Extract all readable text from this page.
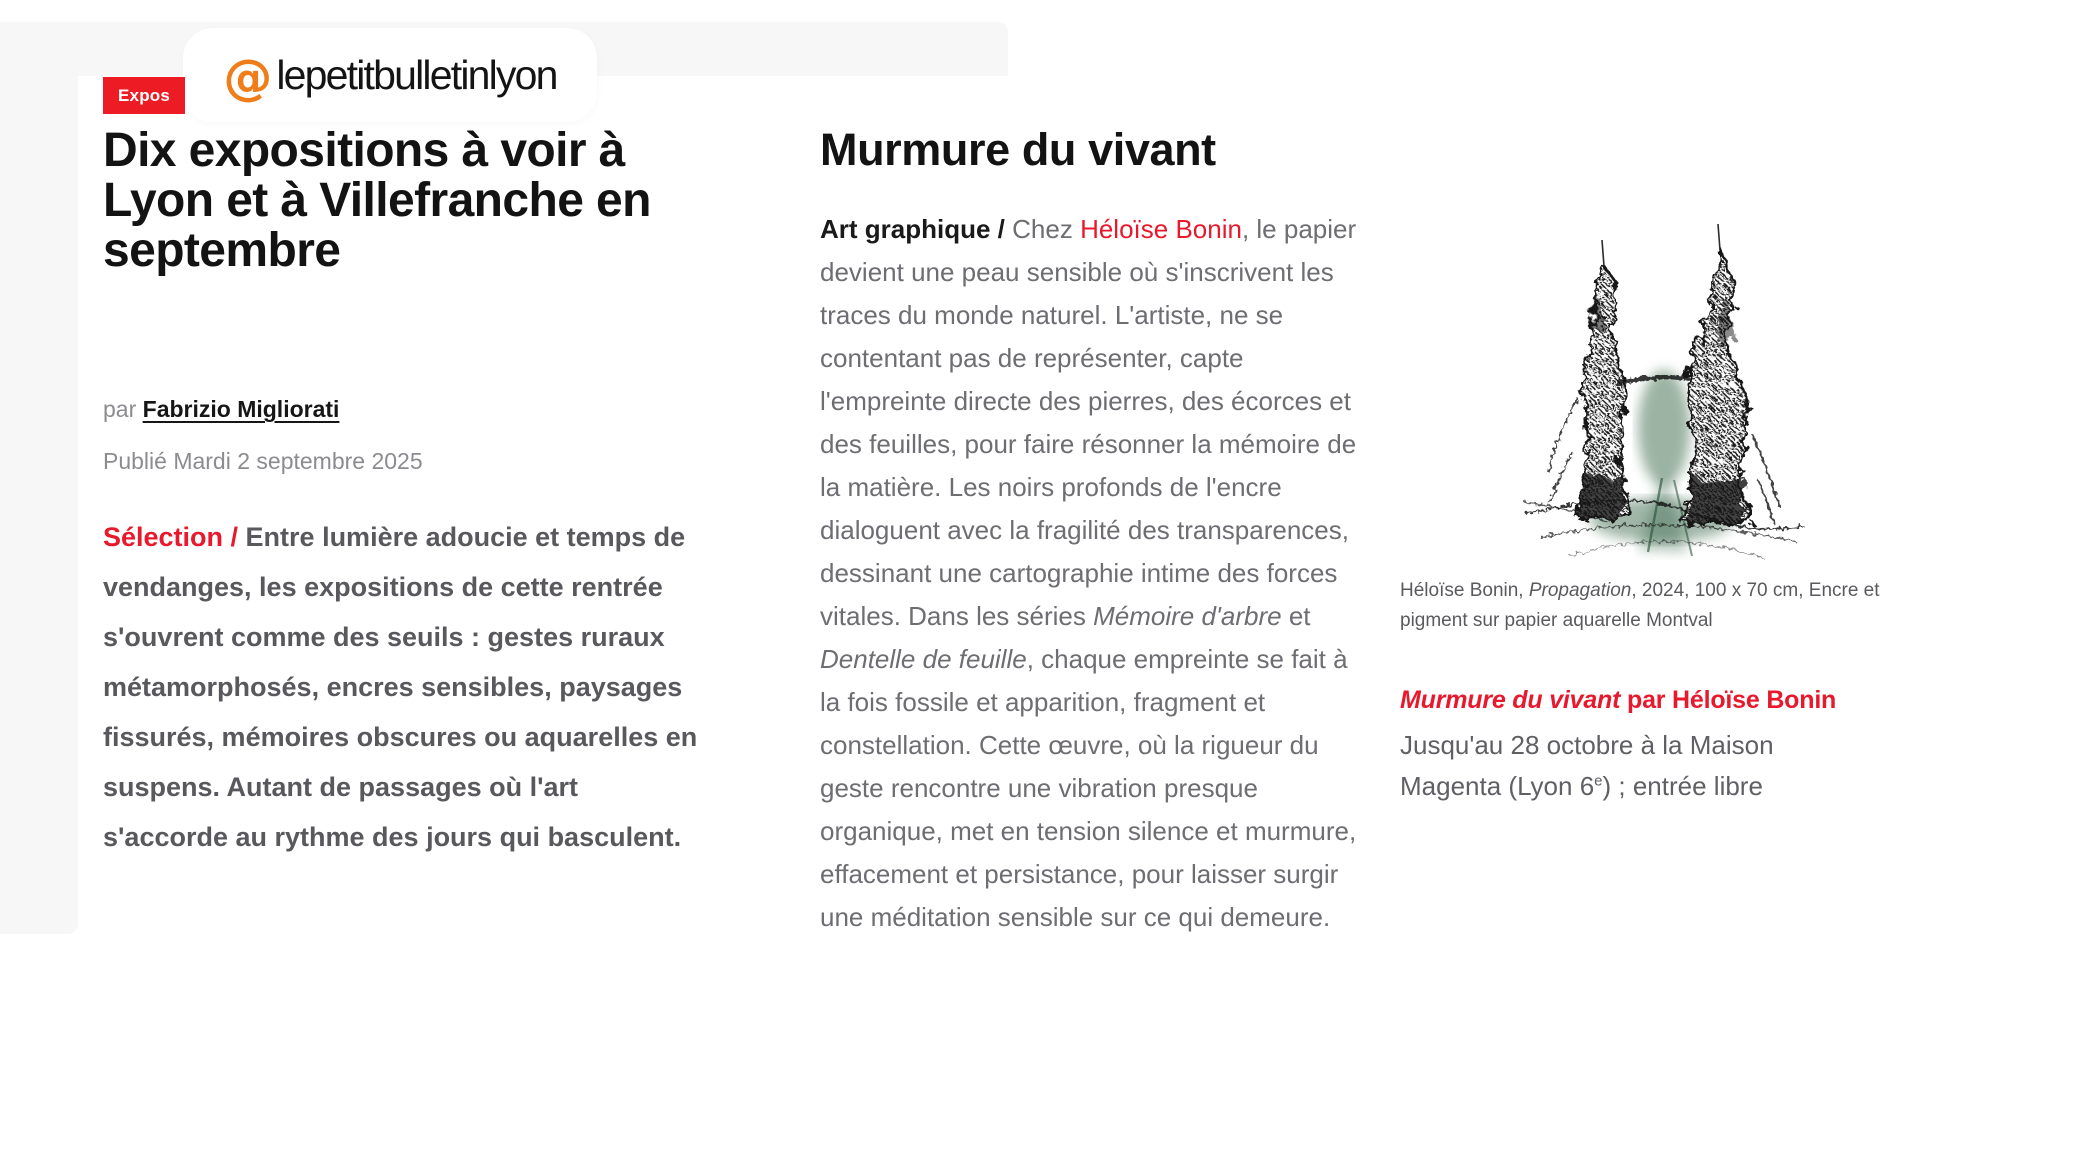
@ lepetitbulletinlyon
Expos
Dix expositions à voir à
Lyon et à Villefranche en
septembre
par Fabrizio Migliorati
Publié Mardi 2 septembre 2025

Sélection / Entre lumière adoucie et temps de vendanges, les expositions de cette rentrée s'ouvrent comme des seuils : gestes ruraux métamorphosés, encres sensibles, paysages fissurés, mémoires obscures ou aquarelles en suspens. Autant de passages où l'art s'accorde au rythme des jours qui basculent.

Murmure du vivant

Art graphique / Chez Héloïse Bonin, le papier devient une peau sensible où s'inscrivent les traces du monde naturel. L'artiste, ne se contentant pas de représenter, capte l'empreinte directe des pierres, des écorces et des feuilles, pour faire résonner la mémoire de la matière. Les noirs profonds de l'encre dialoguent avec la fragilité des transparences, dessinant une cartographie intime des forces vitales. Dans les séries Mémoire d'arbre et Dentelle de feuille, chaque empreinte se fait à la fois fossile et apparition, fragment et constellation. Cette œuvre, où la rigueur du geste rencontre une vibration presque organique, met en tension silence et murmure, effacement et persistance, pour laisser surgir une méditation sensible sur ce qui demeure.

Héloïse Bonin, Propagation, 2024, 100 x 70 cm, Encre et pigment sur papier aquarelle Montval
Murmure du vivant par Héloïse Bonin
Jusqu'au 28 octobre à la Maison Magenta (Lyon 6e) ; entrée libre
